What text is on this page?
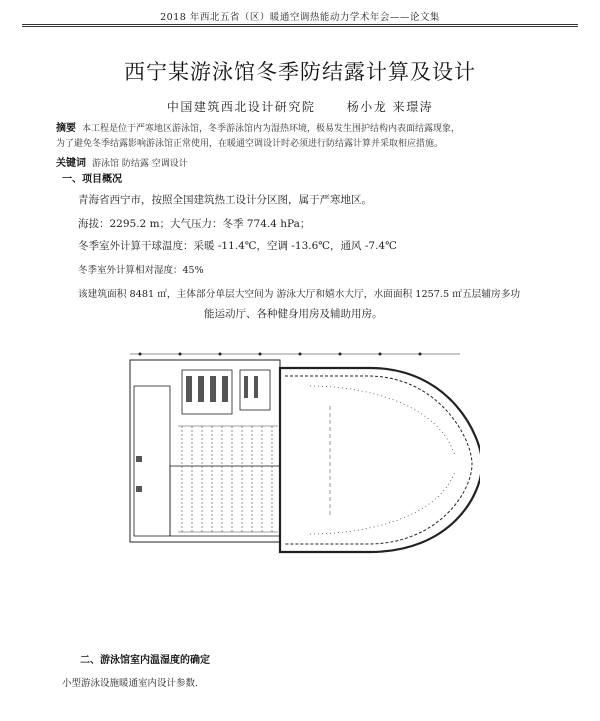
2018 年西北五省（区）暖通空调热能动力学术年会——论文集
西宁某游泳馆冬季防结露计算及设计
中国建筑西北设计研究院	杨小龙 来璟涛
摘要 本工程是位于严寒地区游泳馆，冬季游泳馆内为湿热环境，极易发生围护结构内表面结露现象，
为了避免冬季结露影响游泳馆正常使用，在暖通空调设计时必须进行防结露计算并采取相应措施。
关键词 游泳馆 防结露 空调设计
一、项目概况
青海省西宁市，按照全国建筑热工设计分区图，属于严寒地区。
海拔：2295.2 m；大气压力：冬季 774.4 hPa；
冬季室外计算干球温度：采暖 -11.4℃，空调 -13.6℃，通风 -7.4℃
冬季室外计算相对湿度：45%
该建筑面积 8481 ㎡，主体部分单层大空间为 游泳大厅和嬉水大厅，水面面积 1257.5 ㎡五层辅房多功
能运动厅、各种健身用房及辅助用房。
二、游泳馆室内温湿度的确定
小型游泳设施暖通室内设计参数.
